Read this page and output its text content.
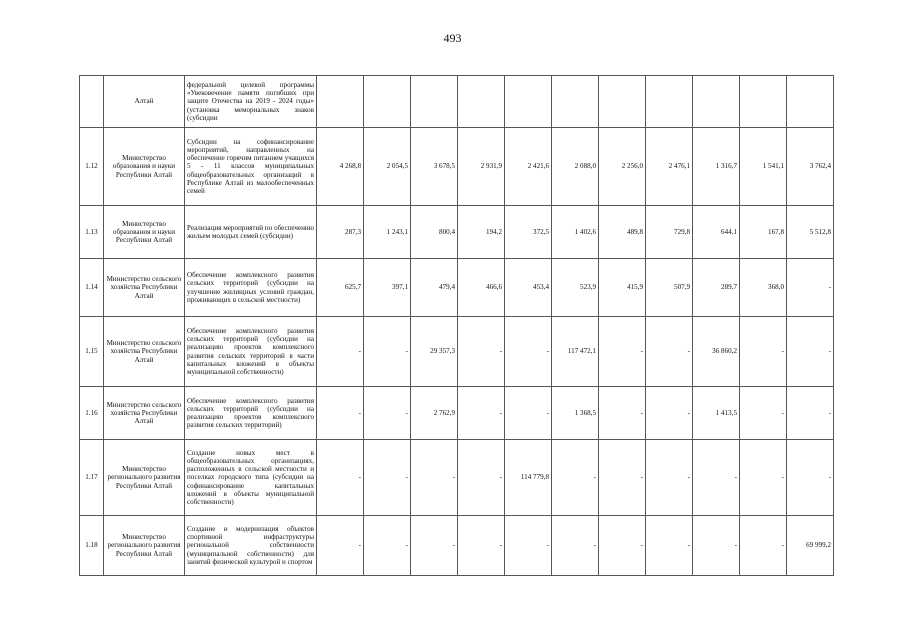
493
	Алтай	федеральной целевой программы «Увековечение памяти погибших при защите Отечества на 2019 - 2024 годы» (установка мемориальных знаков (субсидии											
1.12	Министерство образования и науки Республики Алтай	Субсидии на софинансирование мероприятий, направленных на обеспечение горячим питанием учащихся 5 - 11 классов муниципальных общеобразовательных организаций в Республике Алтай из малообеспеченных семей	4 268,8	2 054,5	3 678,5	2 931,9	2 421,6	2 088,0	2 256,0	2 476,1	1 316,7	1 541,1	3 762,4
1.13	Министерство образования и науки Республики Алтай	Реализация мероприятий по обеспечению жильем молодых семей (субсидии)	287,3	1 243,1	800,4	194,2	372,5	1 402,6	489,8	729,8	644,1	167,8	5 512,8
1.14	Министерство сельского хозяйства Республики Алтай	Обеспечение комплексного развития сельских территорий (субсидии на улучшение жилищных условий граждан, проживающих в сельской местности)	625,7	397,1	479,4	466,6	453,4	523,9	415,9	507,9	289,7	368,0	-
1.15	Министерство сельского хозяйства Республики Алтай	Обеспечение комплексного развития сельских территорий (субсидии на реализацию проектов комплексного развития сельских территорий в части капитальных вложений в объекты муниципальной собственности)	-	-	29 357,3	-	-	117 472,1	-	-	36 860,2	-	-
1.16	Министерство сельского хозяйства Республики Алтай	Обеспечение комплексного развития сельских территорий (субсидии на реализацию проектов комплексного развития сельских территорий)	-	-	2 762,9	-	-	1 368,5	-	-	1 413,5	-	-
1.17	Министерство регионального развития Республики Алтай	Создание новых мест в общеобразовательных организациях, расположенных в сельской местности и поселках городского типа (субсидии на софинансирование капитальных вложений в объекты муниципальной собственности)	-	-	-	-	114 779,8	-	-	-	-	-	-
1.18	Министерство регионального развития Республики Алтай	Создание и модернизация объектов спортивной инфраструктуры региональной собственности (муниципальной собственности) для занятий физической культурой и спортом	-	-	-	-	-	-	-	-	-	-	69 999,2
